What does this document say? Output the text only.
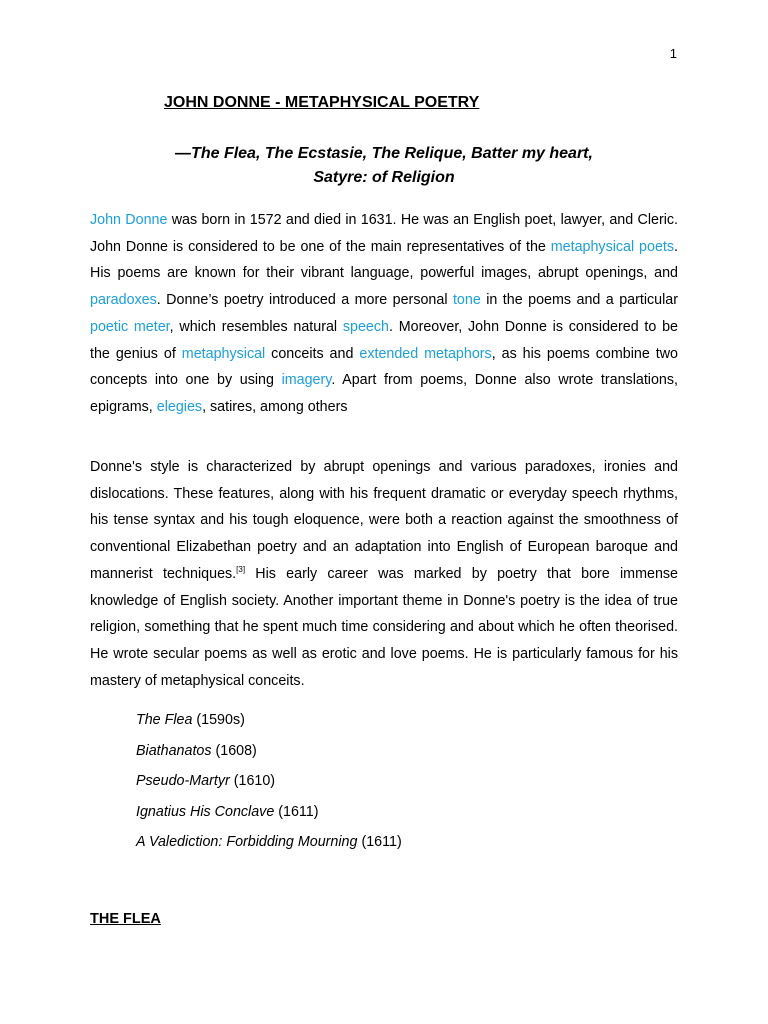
1
JOHN DONNE - METAPHYSICAL POETRY
—The Flea, The Ecstasie, The Relique, Batter my heart,
Satyre: of Religion

John Donne was born in 1572 and died in 1631. He was an English poet, lawyer, and Cleric. John Donne is considered to be one of the main representatives of the metaphysical poets. His poems are known for their vibrant language, powerful images, abrupt openings, and paradoxes. Donne’s poetry introduced a more personal tone in the poems and a particular poetic meter, which resembles natural speech. Moreover, John Donne is considered to be the genius of metaphysical conceits and extended metaphors, as his poems combine two concepts into one by using imagery. Apart from poems, Donne also wrote translations, epigrams, elegies, satires, among others

Donne's style is characterized by abrupt openings and various paradoxes, ironies and dislocations. These features, along with his frequent dramatic or everyday speech rhythms, his tense syntax and his tough eloquence, were both a reaction against the smoothness of conventional Elizabethan poetry and an adaptation into English of European baroque and mannerist techniques.[3] His early career was marked by poetry that bore immense knowledge of English society. Another important theme in Donne's poetry is the idea of true religion, something that he spent much time considering and about which he often theorised. He wrote secular poems as well as erotic and love poems. He is particularly famous for his mastery of metaphysical conceits.

The Flea (1590s)
Biathanatos (1608)
Pseudo-Martyr (1610)
Ignatius His Conclave (1611)
A Valediction: Forbidding Mourning (1611)
THE FLEA
